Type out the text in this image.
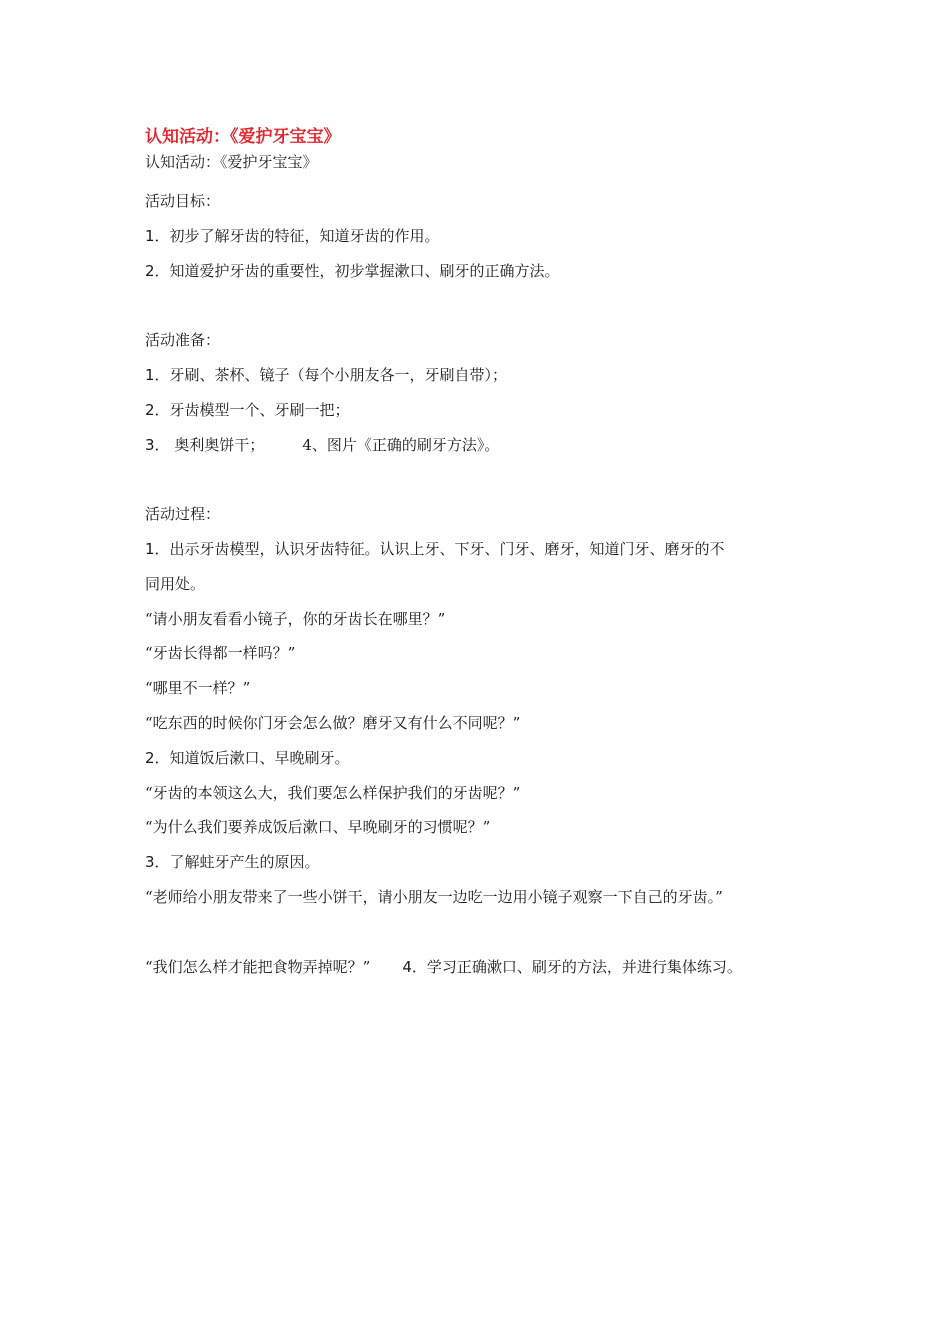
认知活动：《爱护牙宝宝》
认知活动：《爱护牙宝宝》
活动目标：
1．初步了解牙齿的特征，知道牙齿的作用。
2．知道爱护牙齿的重要性，初步掌握漱口、刷牙的正确方法。
活动准备：
1．牙刷、茶杯、镜子（每个小朋友各一，牙刷自带）；
2．牙齿模型一个、牙刷一把；
3． 奥利奥饼干；	4、图片《正确的刷牙方法》。
活动过程：
1．出示牙齿模型，认识牙齿特征。认识上牙、下牙、门牙、磨牙，知道门牙、磨牙的不
同用处。
“请小朋友看看小镜子，你的牙齿长在哪里？”
“牙齿长得都一样吗？”
“哪里不一样？”
“吃东西的时候你门牙会怎么做？磨牙又有什么不同呢？”
2．知道饭后漱口、早晚刷牙。
“牙齿的本领这么大，我们要怎么样保护我们的牙齿呢？”
“为什么我们要养成饭后漱口、早晚刷牙的习惯呢？”
3．了解蛀牙产生的原因。
“老师给小朋友带来了一些小饼干，请小朋友一边吃一边用小镜子观察一下自己的牙齿。”
“我们怎么样才能把食物弄掉呢？” 4．学习正确漱口、刷牙的方法，并进行集体练习。
